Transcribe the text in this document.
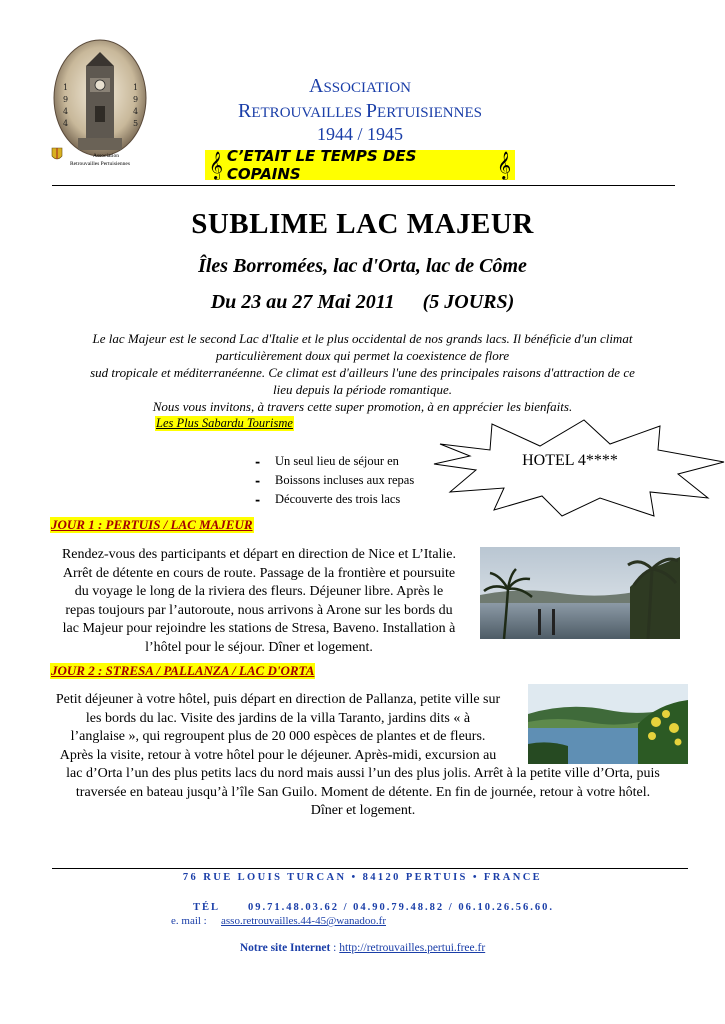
1
9
4
4
1
9
4
5
Association
Retrouvailles Pertuisiennes
ASSOCIATION
RETROUVAILLES PERTUISIENNES
1944 / 1945
𝄞 C’ETAIT LE TEMPS DES COPAINS	𝄞
SUBLIME LAC MAJEUR
Îles Borromées, lac d'Orta, lac de Côme
Du 23 au 27 Mai 2011 (5 JOURS)
Le lac Majeur est le second Lac d'Italie et le plus occidental de nos grands lacs. Il bénéficie d'un climat
particulièrement doux qui permet la coexistence de flore
sud tropicale et méditerranéenne. Ce climat est d'ailleurs l'une des principales raisons d'attraction de ce
lieu depuis la période romantique.
Nous vous invitons, à travers cette super promotion, à en apprécier les bienfaits.
Les Plus Sabardu Tourisme
HOTEL 4****
-	Un seul lieu de séjour en
-	Boissons incluses aux repas
-	Découverte des trois lacs
JOUR 1 : PERTUIS / LAC MAJEUR
Rendez-vous des participants et départ en direction de Nice et L’Italie.
Arrêt de détente en cours de route. Passage de la frontière et poursuite
du voyage le long de la riviera des fleurs. Déjeuner libre. Après le
repas toujours par l’autoroute, nous arrivons à Arone sur les bords du
lac Majeur pour rejoindre les stations de Stresa, Baveno. Installation à
l’hôtel pour le séjour. Dîner et logement.
JOUR 2 : STRESA / PALLANZA / LAC D'ORTA
Petit déjeuner à votre hôtel, puis départ en direction de Pallanza, petite ville sur
les bords du lac. Visite des jardins de la villa Taranto, jardins dits « à
l’anglaise », qui regroupent plus de 20 000 espèces de plantes et de fleurs.
Après la visite, retour à votre hôtel pour le déjeuner. Après-midi, excursion au
lac d’Orta l’un des plus petits lacs du nord mais aussi l’un des plus jolis. Arrêt à la petite ville d’Orta, puis
traversée en bateau jusqu’à l’île San Guilo. Moment de détente. En fin de journée, retour à votre hôtel.
Dîner et logement.
76 RUE LOUIS TURCAN • 84120 PERTUIS • FRANCE
TÉL	09.71.48.03.62 / 04.90.79.48.82 / 06.10.26.56.60.
e. mail : asso.retrouvailles.44-45@wanadoo.fr
Notre site Internet : http://retrouvailles.pertui.free.fr
